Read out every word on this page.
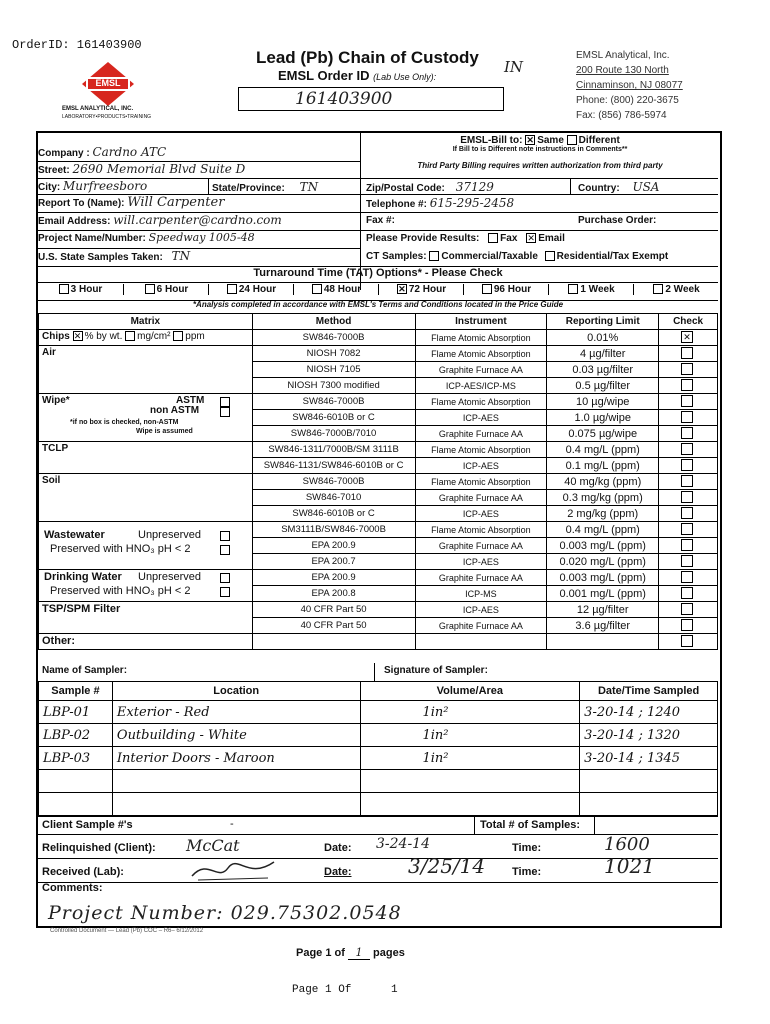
OrderID: 161403900
EMSL
EMSL ANALYTICAL, INC.
LABORATORY•PRODUCTS•TRAINING
Lead (Pb) Chain of Custody
EMSL Order ID (Lab Use Only):
IN
161403900
EMSL Analytical, Inc.
200 Route 130 North
Cinnaminson, NJ 08077
Phone: (800) 220-3675
Fax: (856) 786-5974
EMSL-Bill to: ✕ Same Different
If Bill to is Different note instructions in Comments**
Third Party Billing requires written authorization from third party
Company : Cardno ATC
Street: 2690 Memorial Blvd Suite D
City: Murfreesboro	State/Province: TN	Zip/Postal Code: 37129	Country: USA
Report To (Name): Will Carpenter	Telephone #: 615-295-2458
Email Address: will.carpenter@cardno.com	Fax #:	Purchase Order:
Project Name/Number: Speedway 1005-48	Please Provide Results: Fax ✕ Email
U.S. State Samples Taken: TN	CT Samples: Commercial/Taxable Residential/Tax Exempt
Turnaround Time (TAT) Options* - Please Check
3 Hour	6 Hour	24 Hour	48 Hour	✕ 72 Hour	96 Hour	1 Week	2 Week
*Analysis completed in accordance with EMSL's Terms and Conditions located in the Price Guide
Matrix	Method	Instrument	Reporting Limit	Check
Chips ✕ % by wt. mg/cm² ppm	SW846-7000B	Flame Atomic Absorption	0.01%	✕

Air	NIOSH 7082	Flame Atomic Absorption	4 µg/filter	
	NIOSH 7105	Graphite Furnace AA	0.03 µg/filter	
	NIOSH 7300 modified	ICP-AES/ICP-MS	0.5 µg/filter	

Wipe* ASTM
non ASTM
*if no box is checked, non-ASTM
Wipe is assumed	SW846-7000B	Flame Atomic Absorption	10 µg/wipe	
	SW846-6010B or C	ICP-AES	1.0 µg/wipe	
	SW846-7000B/7010	Graphite Furnace AA	0.075 µg/wipe	

TCLP	SW846-1311/7000B/SM 3111B	Flame Atomic Absorption	0.4 mg/L (ppm)	
	SW846-1131/SW846-6010B or C	ICP-AES	0.1 mg/L (ppm)	

Soil	SW846-7000B	Flame Atomic Absorption	40 mg/kg (ppm)	
	SW846-7010	Graphite Furnace AA	0.3 mg/kg (ppm)	
	SW846-6010B or C	ICP-AES	2 mg/kg (ppm)	

Wastewater Unpreserved
Preserved with HNO₃ pH < 2	SM3111B/SW846-7000B	Flame Atomic Absorption	0.4 mg/L (ppm)	
	EPA 200.9	Graphite Furnace AA	0.003 mg/L (ppm)	
	EPA 200.7	ICP-AES	0.020 mg/L (ppm)	

Drinking Water Unpreserved
Preserved with HNO₃ pH < 2	EPA 200.9	Graphite Furnace AA	0.003 mg/L (ppm)	
	EPA 200.8	ICP-MS	0.001 mg/L (ppm)	

TSP/SPM Filter	40 CFR Part 50	ICP-AES	12 µg/filter	
	40 CFR Part 50	Graphite Furnace AA	3.6 µg/filter	

Other:				

Name of Sampler:	Signature of Sampler:
Sample #	Location	Volume/Area	Date/Time Sampled
LBP-01	Exterior - Red	1in²	3-20-14 ; 1240
LBP-02	Outbuilding - White	1in²	3-20-14 ; 1320
LBP-03	Interior Doors - Maroon	1in²	3-20-14 ; 1345

Client Sample #'s	-	Total # of Samples:
Relinquished (Client): McCat	Date: 3-24-14	Time:	1600
Received (Lab):	Date:	3/25/14 Time:	1021
Comments:
Project Number: 029.75302.0548
Controlled Document — Lead (Pb) COC – R6– 6/12/2012
Page 1 of 1 pages
Page 1 Of      1
